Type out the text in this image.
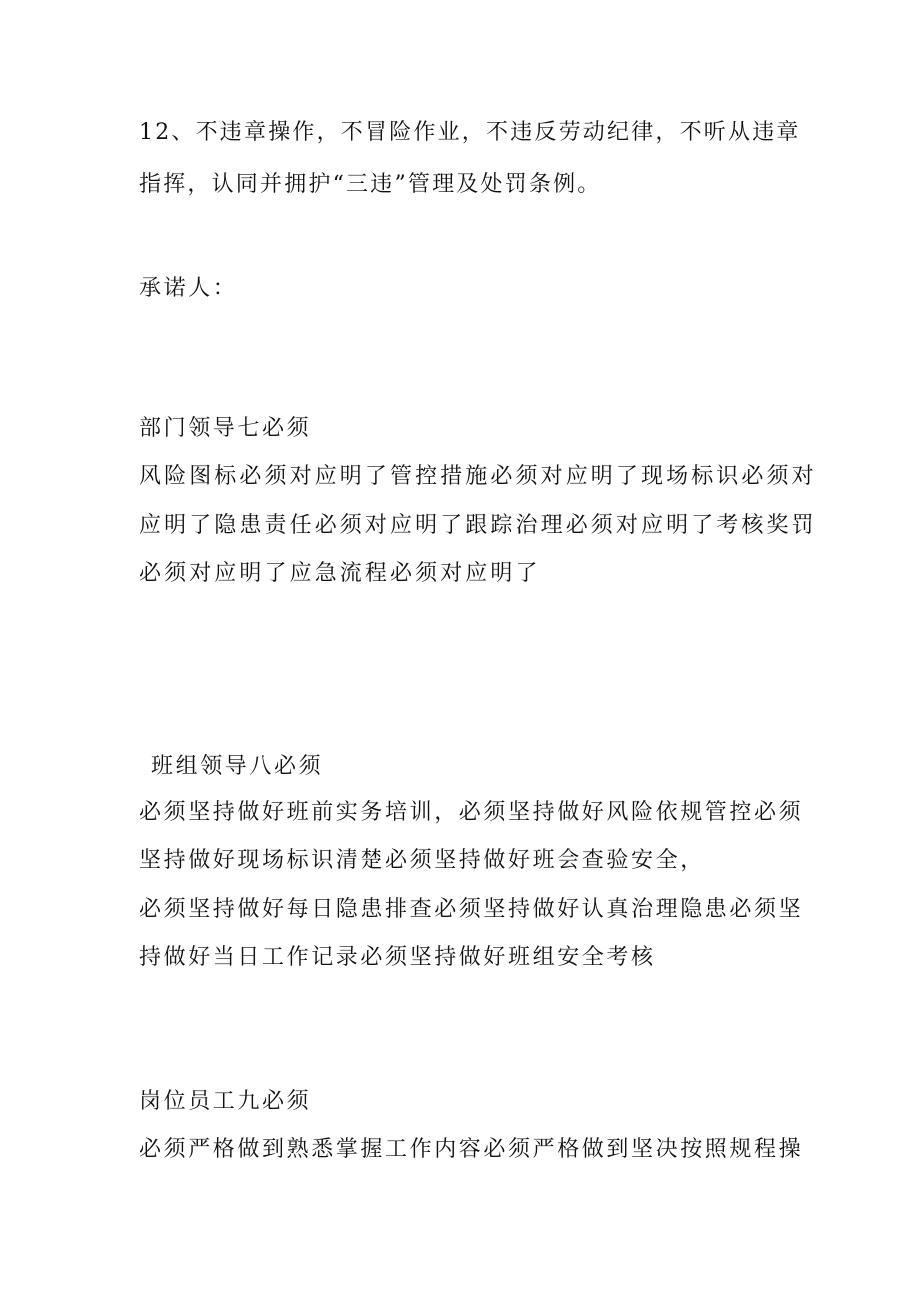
12、不违章操作，不冒险作业，不违反劳动纪律，不听从违章
指挥，认同并拥护“三违”管理及处罚条例。
承诺人：
部门领导七必须
风险图标必须对应明了管控措施必须对应明了现场标识必须对
应明了隐患责任必须对应明了跟踪治理必须对应明了考核奖罚
必须对应明了应急流程必须对应明了
班组领导八必须
必须坚持做好班前实务培训，必须坚持做好风险依规管控必须
坚持做好现场标识清楚必须坚持做好班会查验安全，
必须坚持做好每日隐患排查必须坚持做好认真治理隐患必须坚
持做好当日工作记录必须坚持做好班组安全考核
岗位员工九必须
必须严格做到熟悉掌握工作内容必须严格做到坚决按照规程操
